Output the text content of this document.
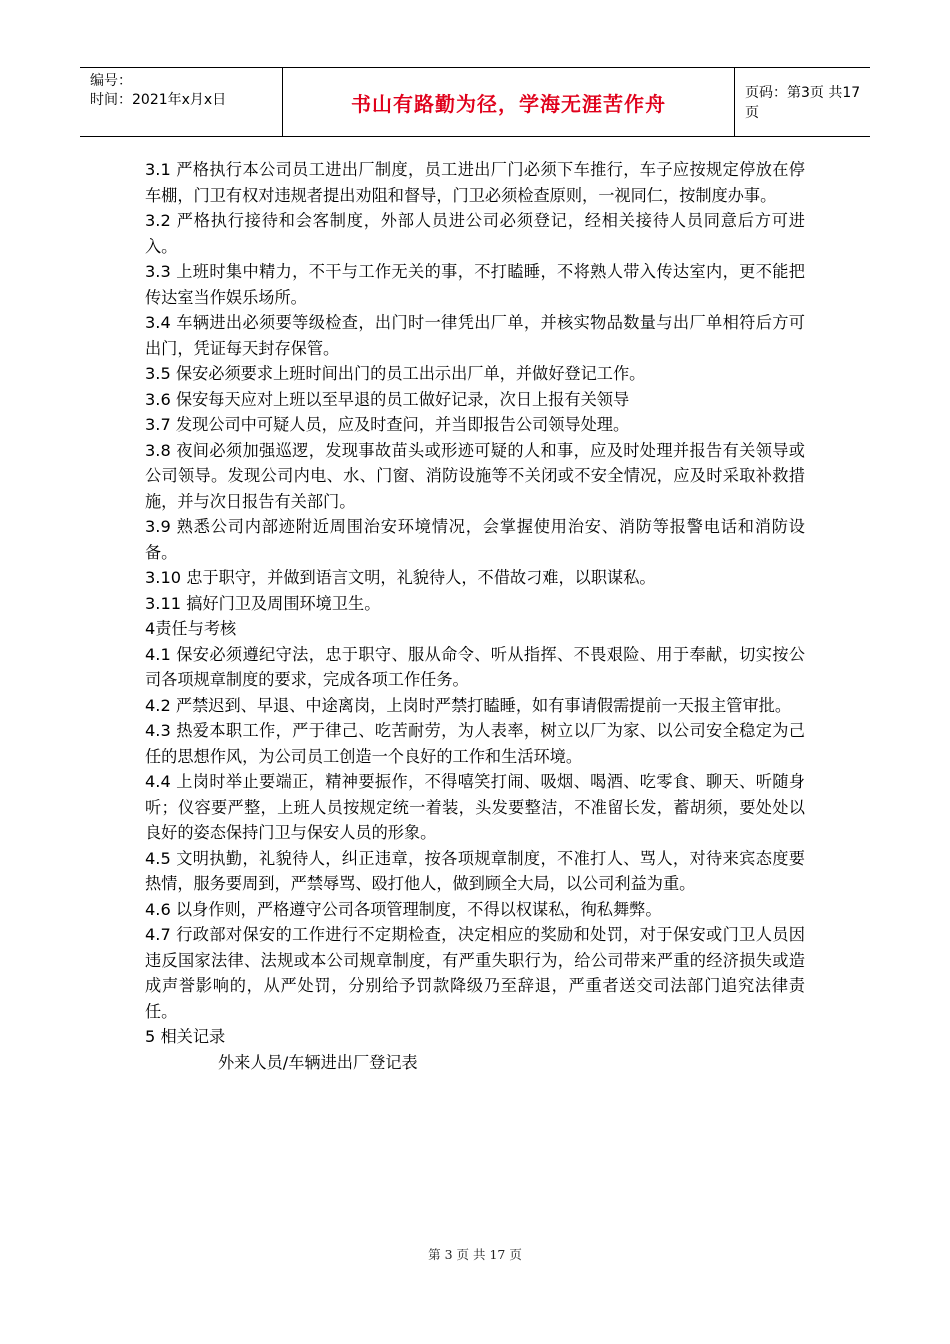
编号：
时间：2021年x月x日	书山有路勤为径，学海无涯苦作舟	页码：第3页 共17页

3.1 严格执行本公司员工进出厂制度，员工进出厂门必须下车推行，车子应按规定停放在停车棚，门卫有权对违规者提出劝阻和督导，门卫必须检查原则，一视同仁，按制度办事。

3.2 严格执行接待和会客制度，外部人员进公司必须登记，经相关接待人员同意后方可进入。

3.3 上班时集中精力，不干与工作无关的事，不打瞌睡，不将熟人带入传达室内，更不能把传达室当作娱乐场所。

3.4 车辆进出必须要等级检查，出门时一律凭出厂单，并核实物品数量与出厂单相符后方可出门，凭证每天封存保管。

3.5 保安必须要求上班时间出门的员工出示出厂单，并做好登记工作。

3.6 保安每天应对上班以至早退的员工做好记录，次日上报有关领导

3.7 发现公司中可疑人员，应及时查问，并当即报告公司领导处理。

3.8 夜间必须加强巡逻，发现事故苗头或形迹可疑的人和事，应及时处理并报告有关领导或公司领导。发现公司内电、水、门窗、消防设施等不关闭或不安全情况，应及时采取补救措施，并与次日报告有关部门。

3.9 熟悉公司内部迹附近周围治安环境情况，会掌握使用治安、消防等报警电话和消防设备。

3.10 忠于职守，并做到语言文明，礼貌待人，不借故刁难，以职谋私。

3.11 搞好门卫及周围环境卫生。

4责任与考核

4.1 保安必须遵纪守法，忠于职守、服从命令、听从指挥、不畏艰险、用于奉献，切实按公司各项规章制度的要求，完成各项工作任务。

4.2 严禁迟到、早退、中途离岗，上岗时严禁打瞌睡，如有事请假需提前一天报主管审批。

4.3 热爱本职工作，严于律己、吃苦耐劳，为人表率，树立以厂为家、以公司安全稳定为己任的思想作风，为公司员工创造一个良好的工作和生活环境。

4.4 上岗时举止要端正，精神要振作，不得嘻笑打闹、吸烟、喝酒、吃零食、聊天、听随身听；仪容要严整，上班人员按规定统一着装，头发要整洁，不准留长发，蓄胡须，要处处以良好的姿态保持门卫与保安人员的形象。

4.5 文明执勤，礼貌待人，纠正违章，按各项规章制度，不准打人、骂人，对待来宾态度要热情，服务要周到，严禁辱骂、殴打他人，做到顾全大局，以公司利益为重。

4.6 以身作则，严格遵守公司各项管理制度，不得以权谋私，徇私舞弊。

4.7 行政部对保安的工作进行不定期检查，决定相应的奖励和处罚，对于保安或门卫人员因违反国家法律、法规或本公司规章制度，有严重失职行为，给公司带来严重的经济损失或造成声誉影响的，从严处罚，分别给予罚款降级乃至辞退，严重者送交司法部门追究法律责任。

5 相关记录

外来人员/车辆进出厂登记表

第 3 页 共 17 页
